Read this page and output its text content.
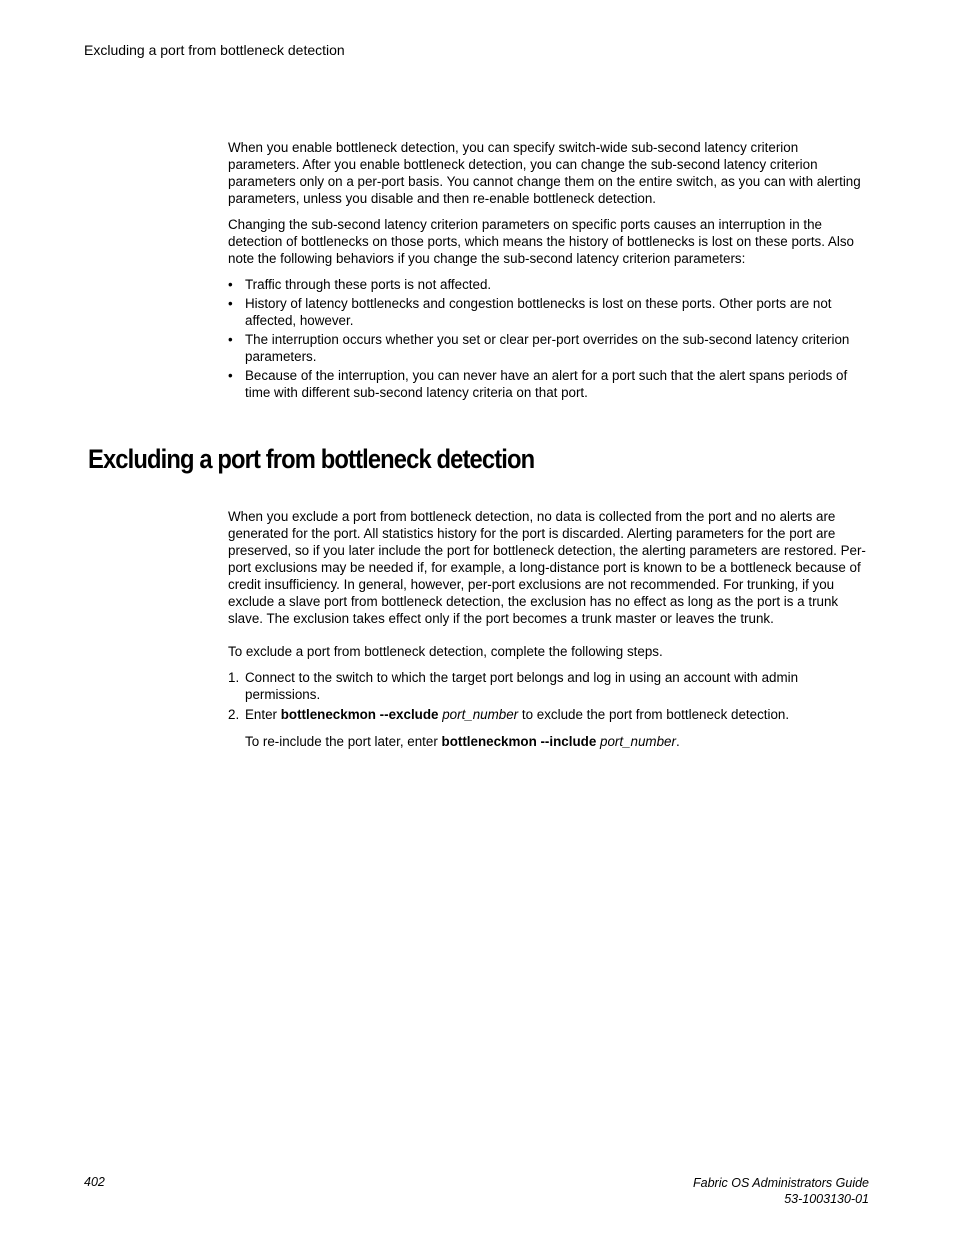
Excluding a port from bottleneck detection

When you enable bottleneck detection, you can specify switch-wide sub-second latency criterion parameters. After you enable bottleneck detection, you can change the sub-second latency criterion parameters only on a per-port basis. You cannot change them on the entire switch, as you can with alerting parameters, unless you disable and then re-enable bottleneck detection.

Changing the sub-second latency criterion parameters on specific ports causes an interruption in the detection of bottlenecks on those ports, which means the history of bottlenecks is lost on these ports. Also note the following behaviors if you change the sub-second latency criterion parameters:

• Traffic through these ports is not affected.
• History of latency bottlenecks and congestion bottlenecks is lost on these ports. Other ports are not affected, however.
• The interruption occurs whether you set or clear per-port overrides on the sub-second latency criterion parameters.
• Because of the interruption, you can never have an alert for a port such that the alert spans periods of time with different sub-second latency criteria on that port.
Excluding a port from bottleneck detection

When you exclude a port from bottleneck detection, no data is collected from the port and no alerts are generated for the port. All statistics history for the port is discarded. Alerting parameters for the port are preserved, so if you later include the port for bottleneck detection, the alerting parameters are restored. Per-port exclusions may be needed if, for example, a long-distance port is known to be a bottleneck because of credit insufficiency. In general, however, per-port exclusions are not recommended. For trunking, if you exclude a slave port from bottleneck detection, the exclusion has no effect as long as the port is a trunk slave. The exclusion takes effect only if the port becomes a trunk master or leaves the trunk.

To exclude a port from bottleneck detection, complete the following steps.

1. Connect to the switch to which the target port belongs and log in using an account with admin permissions.
2. Enter bottleneckmon --exclude port_number to exclude the port from bottleneck detection.

To re-include the port later, enter bottleneckmon --include port_number.

402	Fabric OS Administrators Guide
53-1003130-01
